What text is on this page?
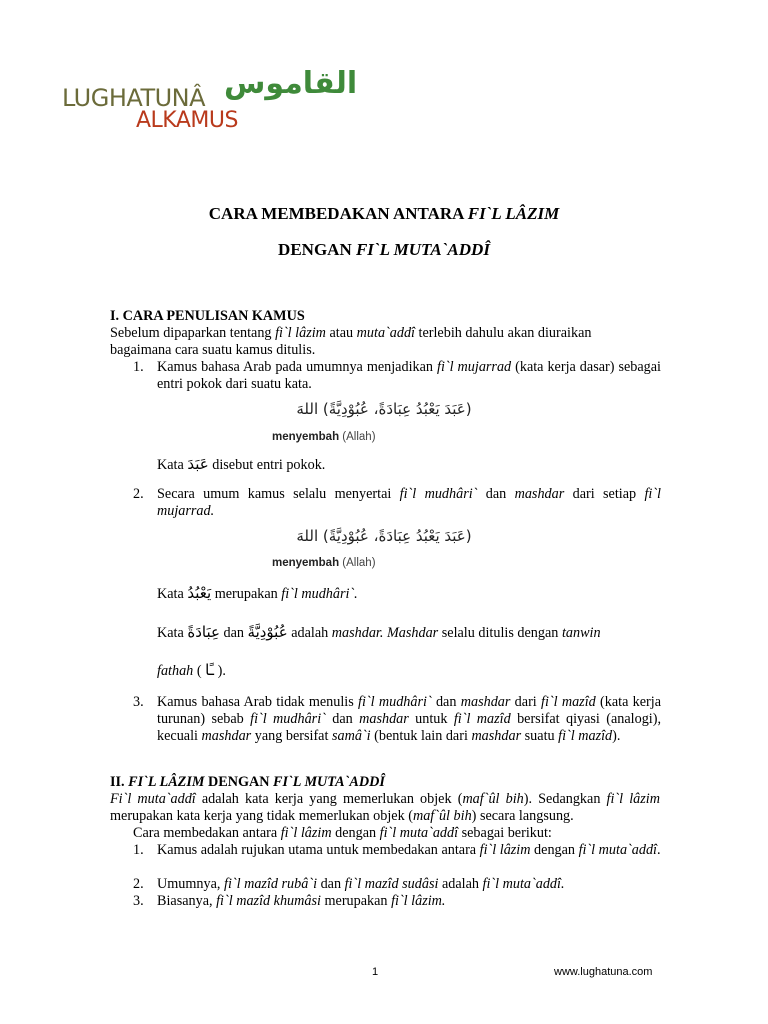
LUGHATUNÂ
ALKAMUS
القاموس
CARA MEMBEDAKAN ANTARA FI`L LÂZIM
DENGAN FI`L MUTA`ADDÎ
I. CARA PENULISAN KAMUS
Sebelum dipaparkan tentang fi`l lâzim atau muta`addî terlebih dahulu akan diuraikan
bagaimana cara suatu kamus ditulis.
1. Kamus bahasa Arab pada umumnya menjadikan fi`l mujarrad (kata kerja dasar) sebagai entri pokok dari suatu kata.
(عَبَدَ يَعْبُدُ عِبَادَةً، عُبُوْدِيَّةً) اللهَ
menyembah (Allah)
Kata عَبَدَ disebut entri pokok.
2. Secara umum kamus selalu menyertai fi`l mudhâri` dan mashdar dari setiap fi`l mujarrad.
(عَبَدَ يَعْبُدُ عِبَادَةً، عُبُوْدِيَّةً) اللهَ
menyembah (Allah)
Kata يَعْبُدُ merupakan fi`l mudhâri`.
Kata عِبَادَةً dan عُبُوْدِيَّةً adalah mashdar. Mashdar selalu ditulis dengan tanwin
fathah ( ـًا ).
3. Kamus bahasa Arab tidak menulis fi`l mudhâri` dan mashdar dari fi`l mazîd (kata kerja turunan) sebab fi`l mudhâri` dan mashdar untuk fi`l mazîd bersifat qiyasi (analogi), kecuali mashdar yang bersifat samâ`i (bentuk lain dari mashdar suatu fi`l mazîd).
II. FI`L LÂZIM DENGAN FI`L MUTA`ADDÎ
Fi`l muta`addî adalah kata kerja yang memerlukan objek (maf`ûl bih). Sedangkan fi`l lâzim merupakan kata kerja yang tidak memerlukan objek (maf`ûl bih) secara langsung.
Cara membedakan antara fi`l lâzim dengan fi`l muta`addî sebagai berikut:
1. Kamus adalah rujukan utama untuk membedakan antara fi`l lâzim dengan fi`l muta`addî.
2. Umumnya, fi`l mazîd rubâ`i dan fi`l mazîd sudâsi adalah fi`l muta`addî.
3. Biasanya, fi`l mazîd khumâsi merupakan fi`l lâzim.
1	www.lughatuna.com
